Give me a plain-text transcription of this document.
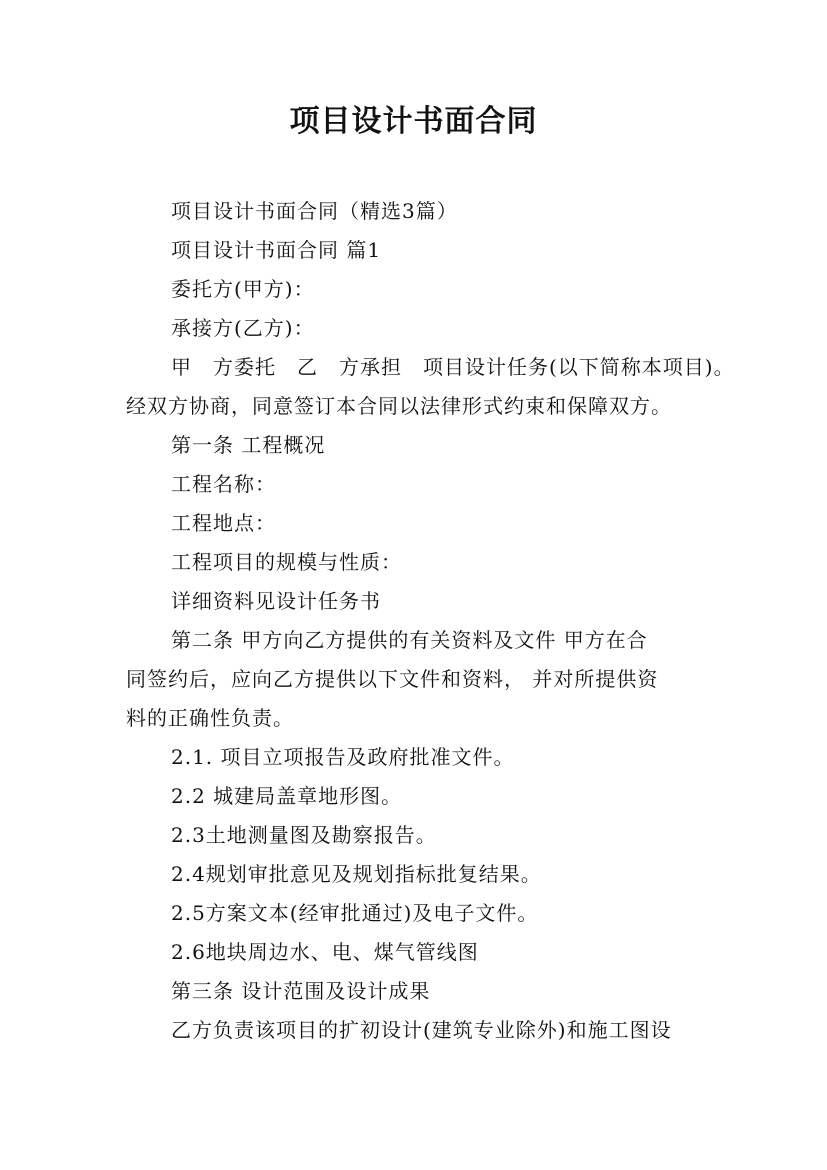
项目设计书面合同
项目设计书面合同（精选3篇）
项目设计书面合同 篇1
委托方(甲方)：
承接方(乙方)：
甲　方委托　乙　方承担　项目设计任务(以下简称本项目)。
经双方协商，同意签订本合同以法律形式约束和保障双方。
第一条 工程概况
工程名称：
工程地点：
工程项目的规模与性质：
详细资料见设计任务书
第二条 甲方向乙方提供的有关资料及文件 甲方在合
同签约后，应向乙方提供以下文件和资料， 并对所提供资
料的正确性负责。
2.1. 项目立项报告及政府批准文件。
2.2 城建局盖章地形图。
2.3土地测量图及勘察报告。
2.4规划审批意见及规划指标批复结果。
2.5方案文本(经审批通过)及电子文件。
2.6地块周边水、电、煤气管线图
第三条 设计范围及设计成果
乙方负责该项目的扩初设计(建筑专业除外)和施工图设
